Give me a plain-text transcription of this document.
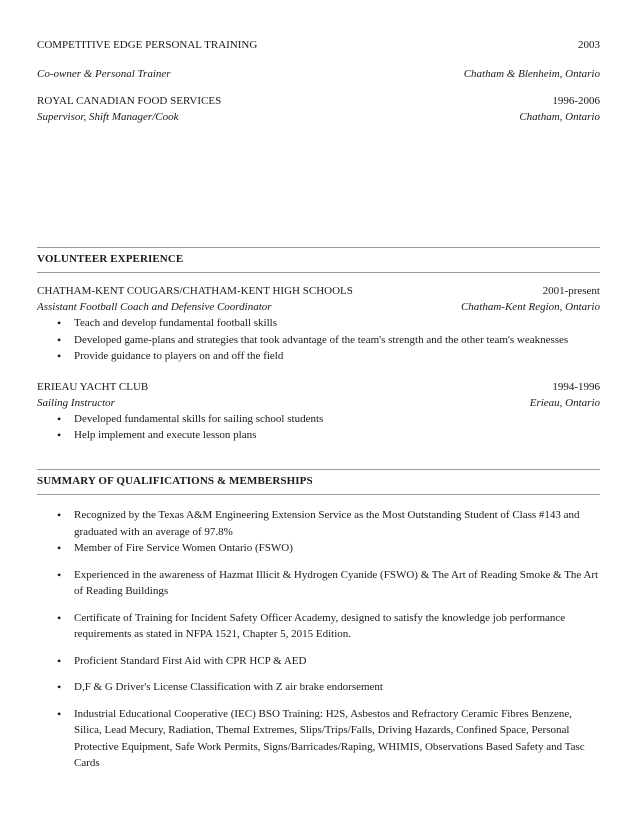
COMPETITIVE EDGE PERSONAL TRAINING	2003
Co-owner & Personal Trainer	Chatham & Blenheim, Ontario
ROYAL CANADIAN FOOD SERVICES	1996-2006
Supervisor, Shift Manager/Cook	Chatham, Ontario
VOLUNTEER EXPERIENCE
CHATHAM-KENT COUGARS/CHATHAM-KENT HIGH SCHOOLS	2001-present
Assistant Football Coach and Defensive Coordinator	Chatham-Kent Region, Ontario
• Teach and develop fundamental football skills
• Developed game-plans and strategies that took advantage of the team's strength and the other team's weaknesses
• Provide guidance to players on and off the field
ERIEAU YACHT CLUB	1994-1996
Sailing Instructor	Erieau, Ontario
• Developed fundamental skills for sailing school students
• Help implement and execute lesson plans
SUMMARY OF QUALIFICATIONS & MEMBERSHIPS
• Recognized by the Texas A&M Engineering Extension Service as the Most Outstanding Student of Class #143 and graduated with an average of 97.8%
• Member of Fire Service Women Ontario (FSWO)
• Experienced in the awareness of Hazmat Illicit & Hydrogen Cyanide (FSWO) & The Art of Reading Smoke & The Art of Reading Buildings
• Certificate of Training for Incident Safety Officer Academy, designed to satisfy the knowledge job performance requirements as stated in NFPA 1521, Chapter 5, 2015 Edition.
• Proficient Standard First Aid with CPR HCP & AED
• D,F & G Driver's License Classification with Z air brake endorsement
• Industrial Educational Cooperative (IEC) BSO Training: H2S, Asbestos and Refractory Ceramic Fibres Benzene, Silica, Lead Mecury, Radiation, Themal Extremes, Slips/Trips/Falls, Driving Hazards, Confined Space, Personal Protective Equipment, Safe Work Permits, Signs/Barricades/Raping, WHIMIS, Observations Based Safety and Tasc Cards
